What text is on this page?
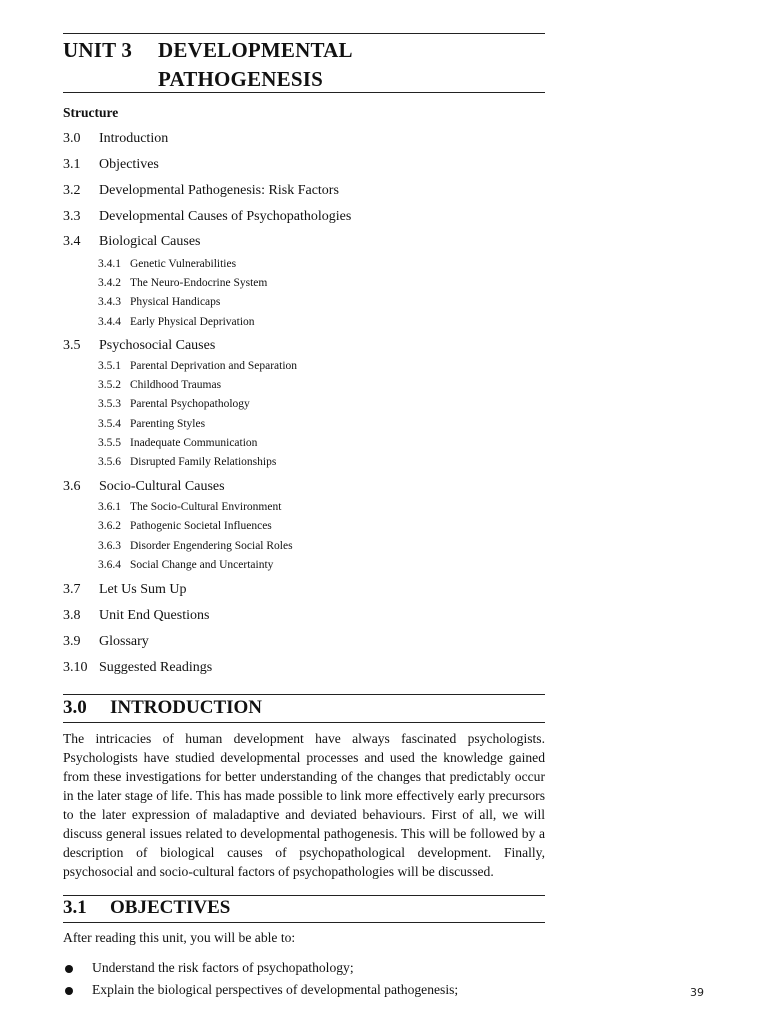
UNIT 3 DEVELOPMENTAL
PATHOGENESIS
Structure
3.0 Introduction
3.1 Objectives
3.2 Developmental Pathogenesis: Risk Factors
3.3 Developmental Causes of Psychopathologies
3.4 Biological Causes
3.4.1 Genetic Vulnerabilities
3.4.2 The Neuro-Endocrine System
3.4.3 Physical Handicaps
3.4.4 Early Physical Deprivation
3.5 Psychosocial Causes
3.5.1 Parental Deprivation and Separation
3.5.2 Childhood Traumas
3.5.3 Parental Psychopathology
3.5.4 Parenting Styles
3.5.5 Inadequate Communication
3.5.6 Disrupted Family Relationships
3.6 Socio-Cultural Causes
3.6.1 The Socio-Cultural Environment
3.6.2 Pathogenic Societal Influences
3.6.3 Disorder Engendering Social Roles
3.6.4 Social Change and Uncertainty
3.7 Let Us Sum Up
3.8 Unit End Questions
3.9 Glossary
3.10 Suggested Readings
3.0 INTRODUCTION
The intricacies of human development have always fascinated psychologists. Psychologists have studied developmental processes and used the knowledge gained from these investigations for better understanding of the changes that predictably occur in the later stage of life. This has made possible to link more effectively early precursors to the later expression of maladaptive and deviated behaviours. First of all, we will discuss general issues related to developmental pathogenesis. This will be followed by a description of biological causes of psychopathological development. Finally, psychosocial and socio-cultural factors of psychopathologies will be discussed.
3.1 OBJECTIVES
After reading this unit, you will be able to:
Understand the risk factors of psychopathology;
Explain the biological perspectives of developmental pathogenesis;	39
